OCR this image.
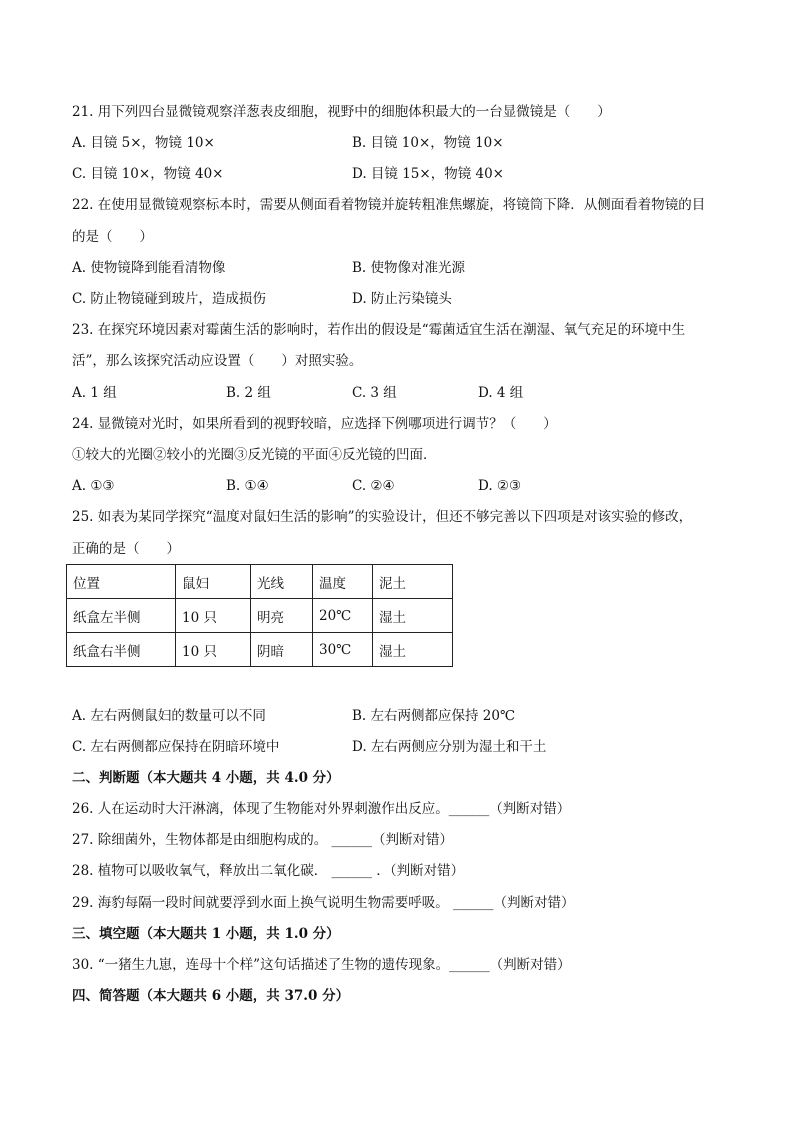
21. 用下列四台显微镜观察洋葱表皮细胞，视野中的细胞体积最大的一台显微镜是（　　）
A. 目镜 5×，物镜 10×	B. 目镜 10×，物镜 10×
C. 目镜 10×，物镜 40×	D. 目镜 15×，物镜 40×
22. 在使用显微镜观察标本时，需要从侧面看着物镜并旋转粗准焦螺旋，将镜筒下降．从侧面看着物镜的目
的是（　　）
A. 使物镜降到能看清物像	B. 使物像对准光源
C. 防止物镜碰到玻片，造成损伤	D. 防止污染镜头
23. 在探究环境因素对霉菌生活的影响时，若作出的假设是“霉菌适宜生活在潮湿、氧气充足的环境中生
活”，那么该探究活动应设置（　　）对照实验。
A. 1 组	B. 2 组	C. 3 组	D. 4 组
24. 显微镜对光时，如果所看到的视野较暗，应选择下例哪项进行调节？（　　）
①较大的光圈②较小的光圈③反光镜的平面④反光镜的凹面．
A. ①③	B. ①④	C. ②④	D. ②③
25. 如表为某同学探究“温度对鼠妇生活的影响”的实验设计，但还不够完善以下四项是对该实验的修改，
正确的是（　　）
位置	鼠妇	光线	温度	泥土
纸盒左半侧	10 只	明亮	20℃	湿土
纸盒右半侧	10 只	阴暗	30℃	湿土
A. 左右两侧鼠妇的数量可以不同	B. 左右两侧都应保持 20℃
C. 左右两侧都应保持在阴暗环境中	D. 左右两侧应分别为湿土和干土
二、判断题（本大题共 4 小题，共 4.0 分）
26. 人在运动时大汗淋漓，体现了生物能对外界刺激作出反应。______（判断对错）
27. 除细菌外，生物体都是由细胞构成的。 ______（判断对错）
28. 植物可以吸收氧气，释放出二氧化碳． ______ ．（判断对错）
29. 海豹每隔一段时间就要浮到水面上换气说明生物需要呼吸。 ______（判断对错）
三、填空题（本大题共 1 小题，共 1.0 分）
30. “一猪生九崽，连母十个样”这句话描述了生物的遗传现象。______（判断对错）
四、简答题（本大题共 6 小题，共 37.0 分）
